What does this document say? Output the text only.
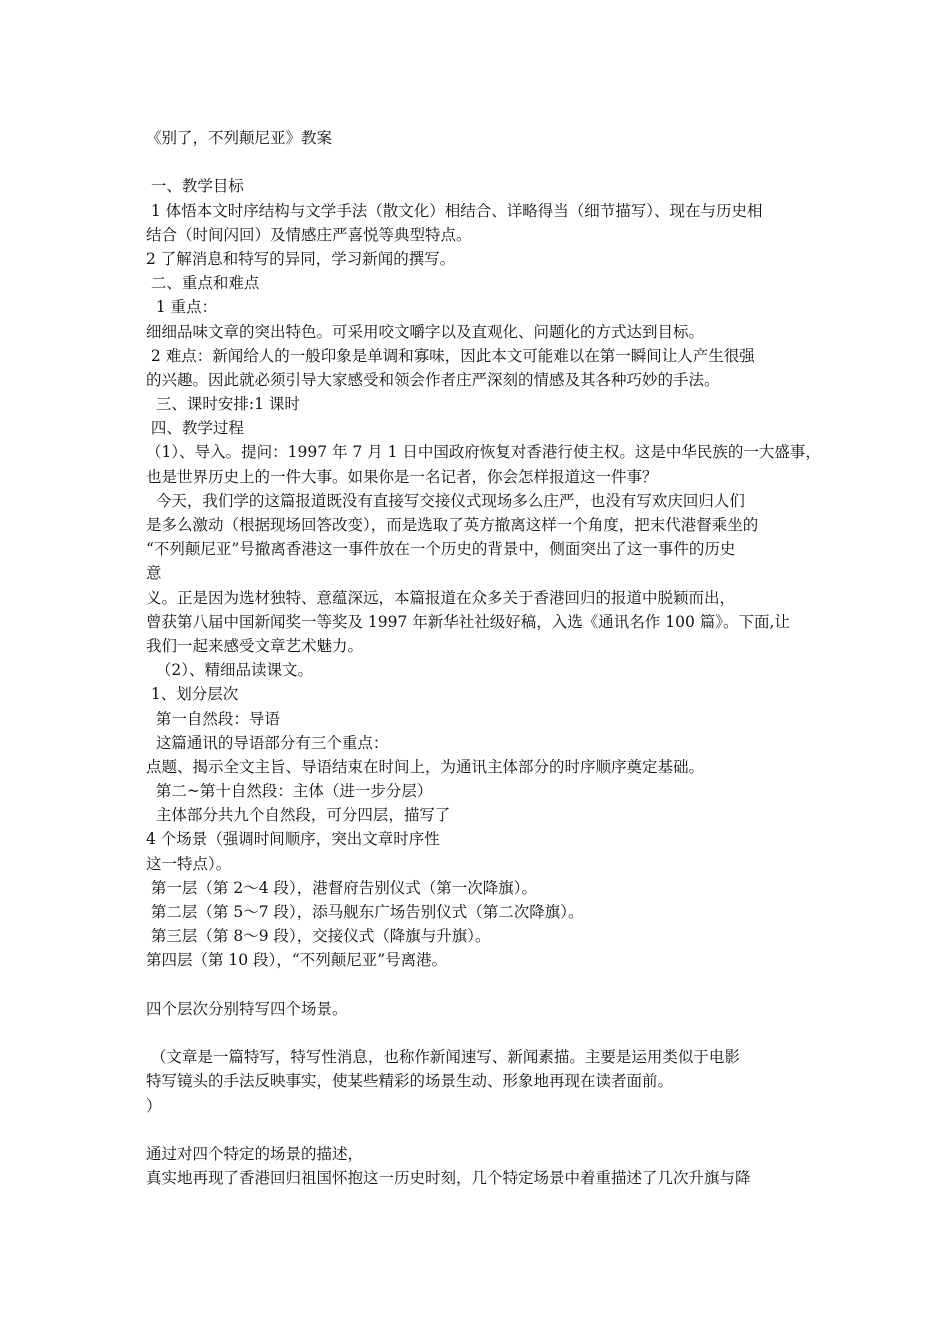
《别了，不列颠尼亚》教案
一、教学目标
1 体悟本文时序结构与文学手法（散文化）相结合、详略得当（细节描写）、现在与历史相
结合（时间闪回）及情感庄严喜悦等典型特点。
2 了解消息和特写的异同，学习新闻的撰写。
二、重点和难点
1 重点：
细细品味文章的突出特色。可采用咬文嚼字以及直观化、问题化的方式达到目标。
2 难点：新闻给人的一般印象是单调和寡味，因此本文可能难以在第一瞬间让人产生很强
的兴趣。因此就必须引导大家感受和领会作者庄严深刻的情感及其各种巧妙的手法。
三、课时安排:1 课时
四、教学过程
（1）、导入。提问：1997 年 7 月 1 日中国政府恢复对香港行使主权。这是中华民族的一大盛事，
也是世界历史上的一件大事。如果你是一名记者，你会怎样报道这一件事？
今天，我们学的这篇报道既没有直接写交接仪式现场多么庄严，也没有写欢庆回归人们
是多么激动（根据现场回答改变），而是选取了英方撤离这样一个角度，把末代港督乘坐的
“不列颠尼亚”号撤离香港这一事件放在一个历史的背景中，侧面突出了这一事件的历史
意
义。正是因为选材独特、意蕴深远，本篇报道在众多关于香港回归的报道中脱颖而出，
曾获第八届中国新闻奖一等奖及 1997 年新华社社级好稿，入选《通讯名作 100 篇》。下面,让
我们一起来感受文章艺术魅力。
（2）、精细品读课文。
1、划分层次
第一自然段：导语
这篇通讯的导语部分有三个重点：
点题、揭示全文主旨、导语结束在时间上，为通讯主体部分的时序顺序奠定基础。
第二~第十自然段：主体（进一步分层）
主体部分共九个自然段，可分四层，描写了
4 个场景（强调时间顺序，突出文章时序性
这一特点）。
第一层（第 2～4 段），港督府告别仪式（第一次降旗）。
第二层（第 5～7 段），添马舰东广场告别仪式（第二次降旗）。
第三层（第 8～9 段），交接仪式（降旗与升旗）。
第四层（第 10 段），“不列颠尼亚”号离港。
四个层次分别特写四个场景。
（文章是一篇特写，特写性消息，也称作新闻速写、新闻素描。主要是运用类似于电影
特写镜头的手法反映事实，使某些精彩的场景生动、形象地再现在读者面前。
）
通过对四个特定的场景的描述，
真实地再现了香港回归祖国怀抱这一历史时刻，几个特定场景中着重描述了几次升旗与降
